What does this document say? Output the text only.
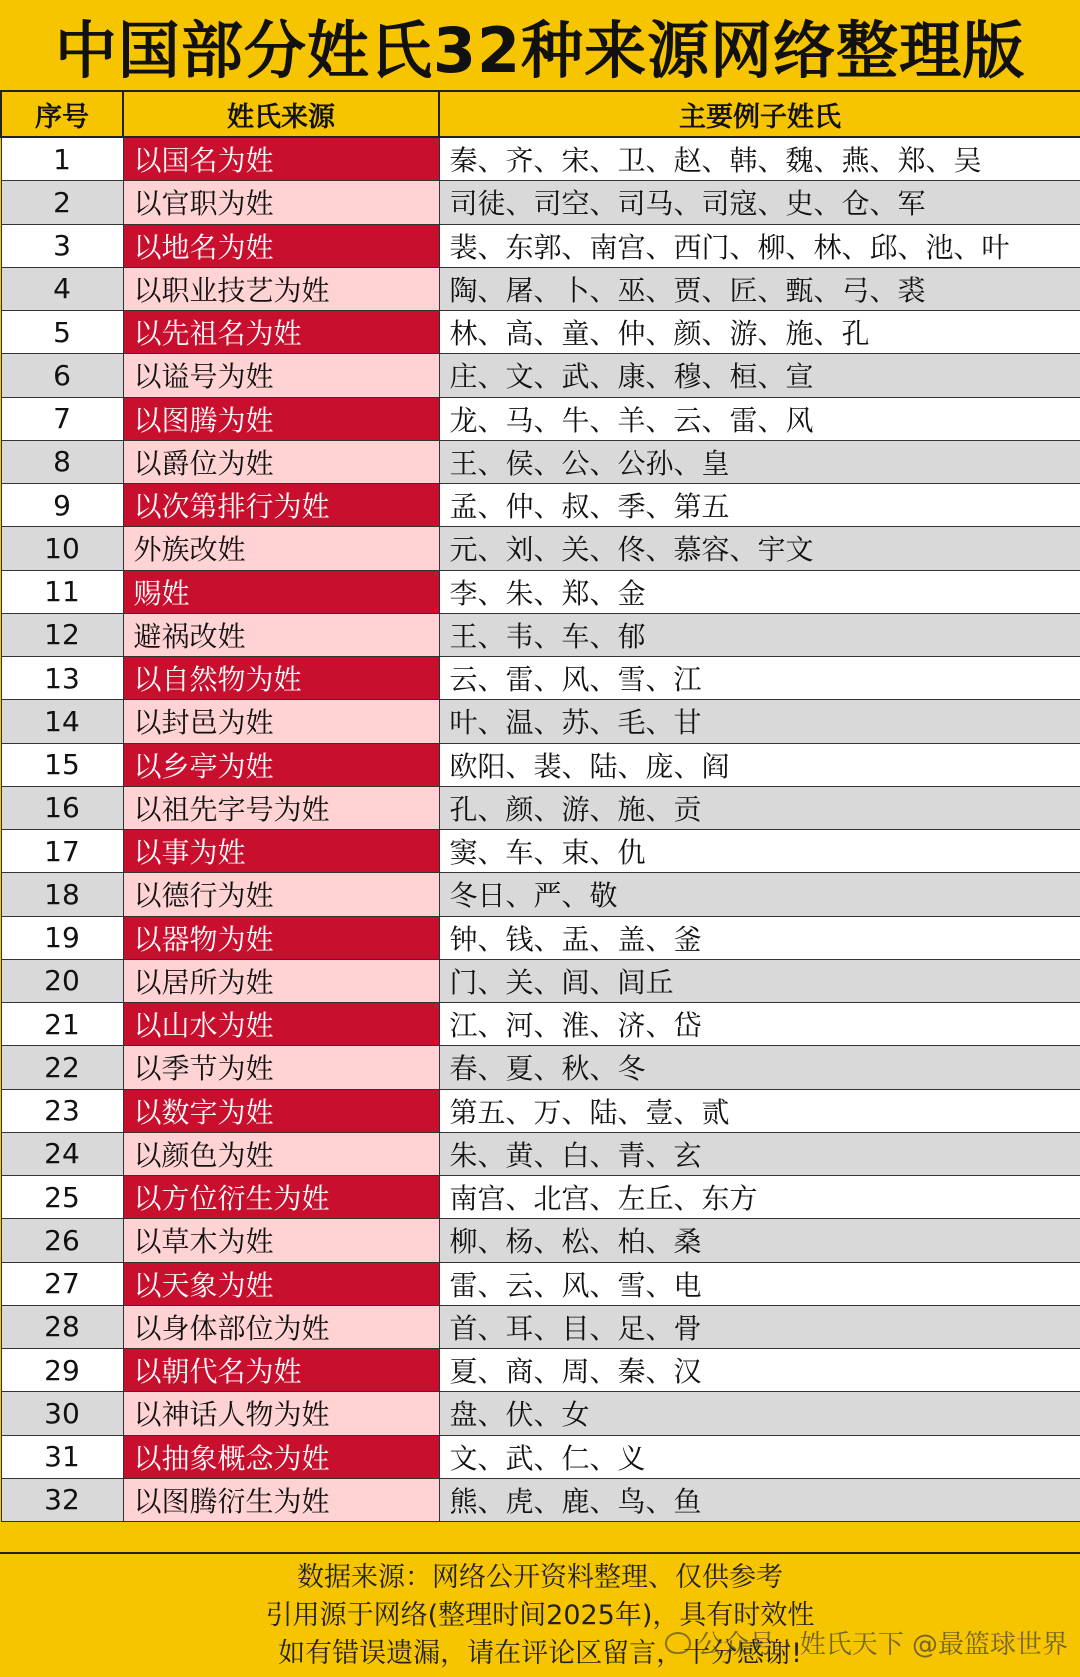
中国部分姓氏32种来源网络整理版
序号	姓氏来源	主要例子姓氏
1	以国名为姓	秦、齐、宋、卫、赵、韩、魏、燕、郑、吴
2	以官职为姓	司徒、司空、司马、司寇、史、仓、军
3	以地名为姓	裴、东郭、南宫、西门、柳、林、邱、池、叶
4	以职业技艺为姓	陶、屠、卜、巫、贾、匠、甄、弓、裘
5	以先祖名为姓	林、高、童、仲、颜、游、施、孔
6	以谥号为姓	庄、文、武、康、穆、桓、宣
7	以图腾为姓	龙、马、牛、羊、云、雷、风
8	以爵位为姓	王、侯、公、公孙、皇
9	以次第排行为姓	孟、仲、叔、季、第五
10	外族改姓	元、刘、关、佟、慕容、宇文
11	赐姓	李、朱、郑、金
12	避祸改姓	王、韦、车、郁
13	以自然物为姓	云、雷、风、雪、江
14	以封邑为姓	叶、温、苏、毛、甘
15	以乡亭为姓	欧阳、裴、陆、庞、阎
16	以祖先字号为姓	孔、颜、游、施、贡
17	以事为姓	窦、车、束、仇
18	以德行为姓	冬日、严、敬
19	以器物为姓	钟、钱、盂、盖、釜
20	以居所为姓	门、关、闾、闾丘
21	以山水为姓	江、河、淮、济、岱
22	以季节为姓	春、夏、秋、冬
23	以数字为姓	第五、万、陆、壹、贰
24	以颜色为姓	朱、黄、白、青、玄
25	以方位衍生为姓	南宫、北宫、左丘、东方
26	以草木为姓	柳、杨、松、柏、桑
27	以天象为姓	雷、云、风、雪、电
28	以身体部位为姓	首、耳、目、足、骨
29	以朝代名为姓	夏、商、周、秦、汉
30	以神话人物为姓	盘、伏、女
31	以抽象概念为姓	文、武、仁、义
32	以图腾衍生为姓	熊、虎、鹿、鸟、鱼
数据来源：网络公开资料整理、仅供参考
引用源于网络(整理时间2025年)，具有时效性
如有错误遗漏，请在评论区留言，十分感谢!
公众号 · 姓氏天下 @最篮球世界
